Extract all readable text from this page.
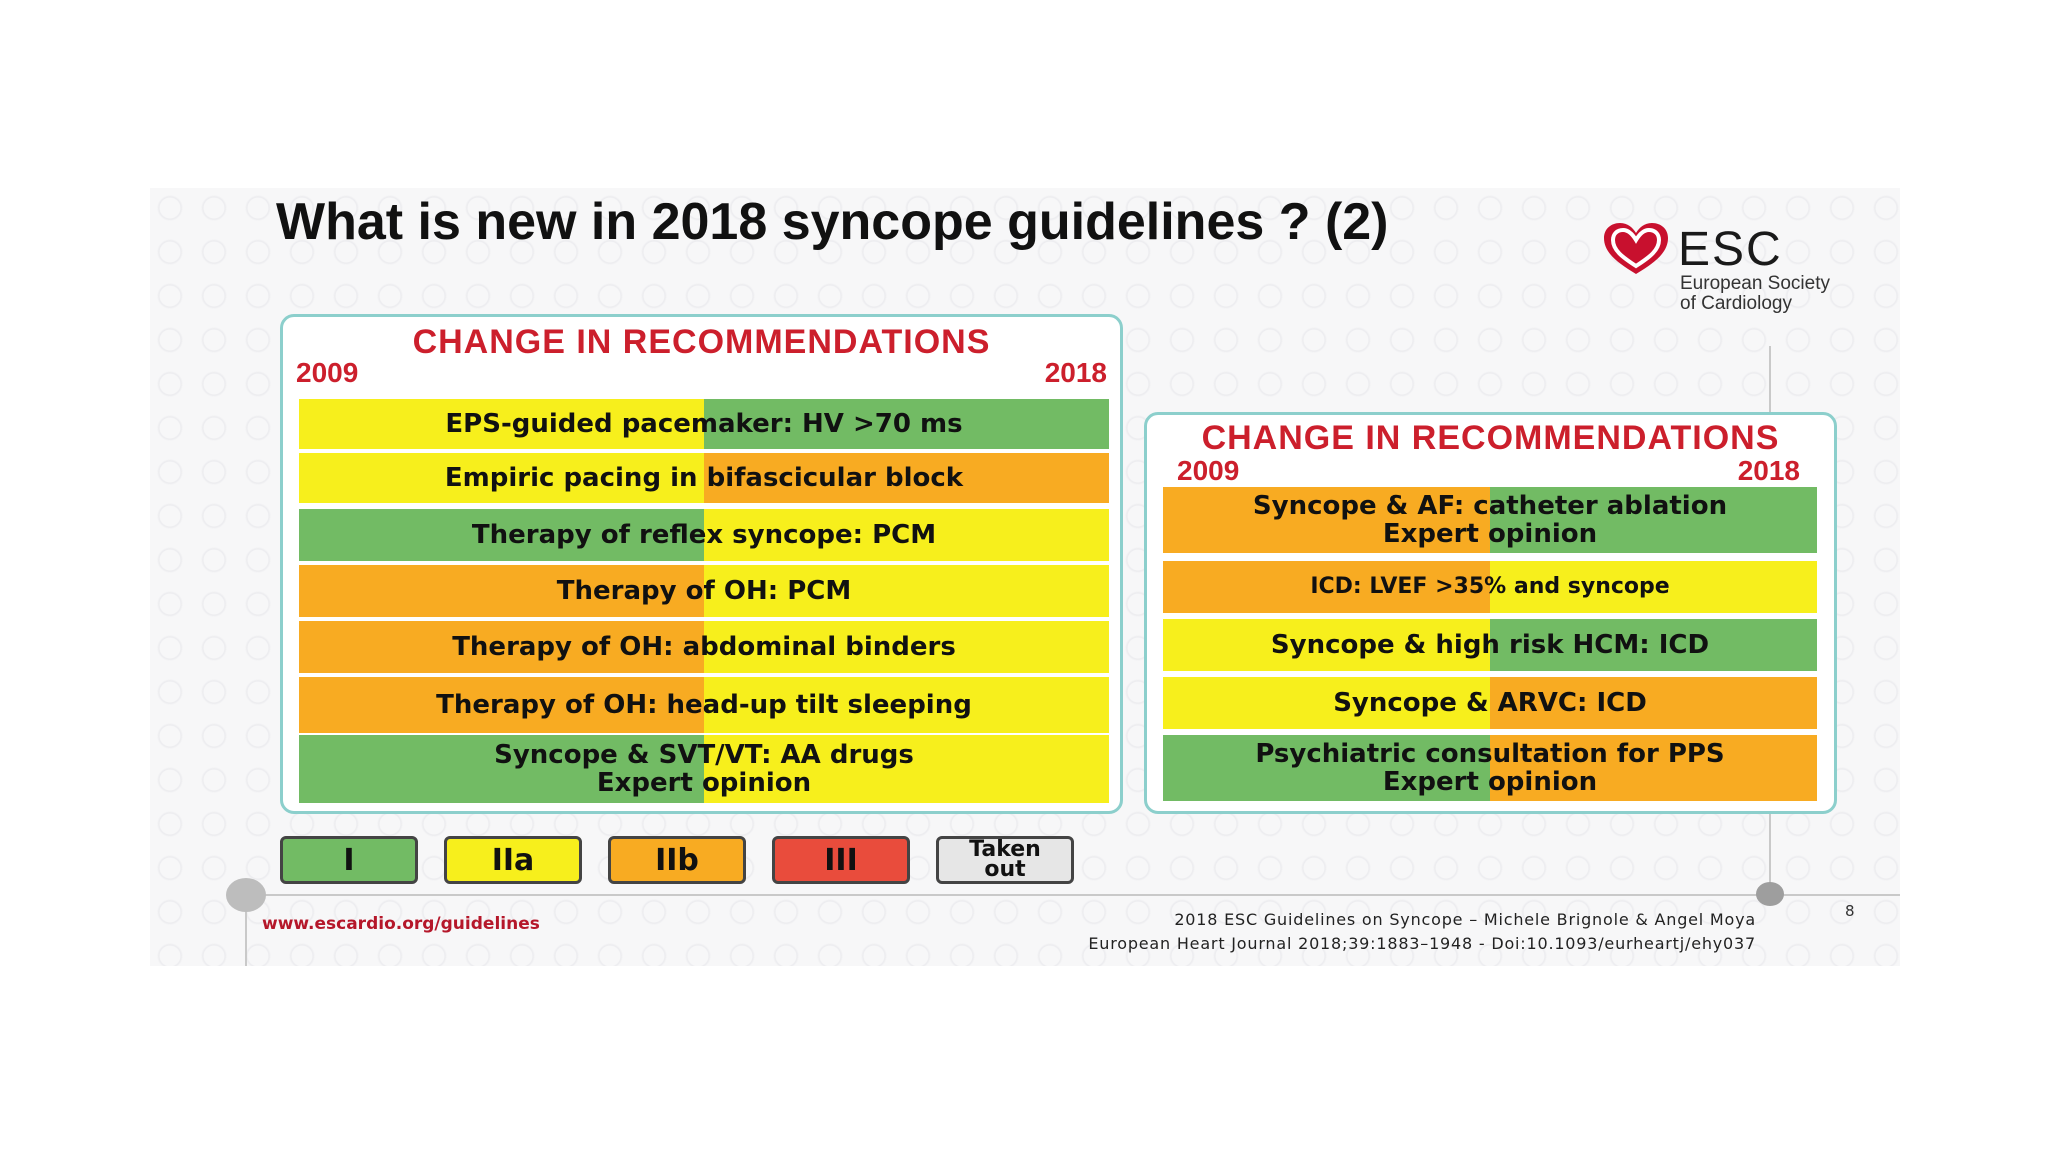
What is new in 2018 syncope guidelines ? (2)	ESC
European Society
of Cardiology
CHANGE IN RECOMMENDATIONS
2009	2018
EPS-guided pacemaker: HV >70 ms
Empiric pacing in bifascicular block
Therapy of reflex syncope: PCM
Therapy of OH: PCM
Therapy of OH: abdominal binders
Therapy of OH: head-up tilt sleeping
Syncope & SVT/VT: AA drugs
Expert opinion
CHANGE IN RECOMMENDATIONS
2009	2018
Syncope & AF: catheter ablation
Expert opinion
ICD: LVEF >35% and syncope
Syncope & high risk HCM: ICD
Syncope & ARVC: ICD
Psychiatric consultation for PPS
Expert opinion
I	IIa	IIb	III	Taken
out
www.escardio.org/guidelines	2018 ESC Guidelines on Syncope – Michele Brignole & Angel Moya
European Heart Journal 2018;39:1883–1948 - Doi:10.1093/eurheartj/ehy037
8
